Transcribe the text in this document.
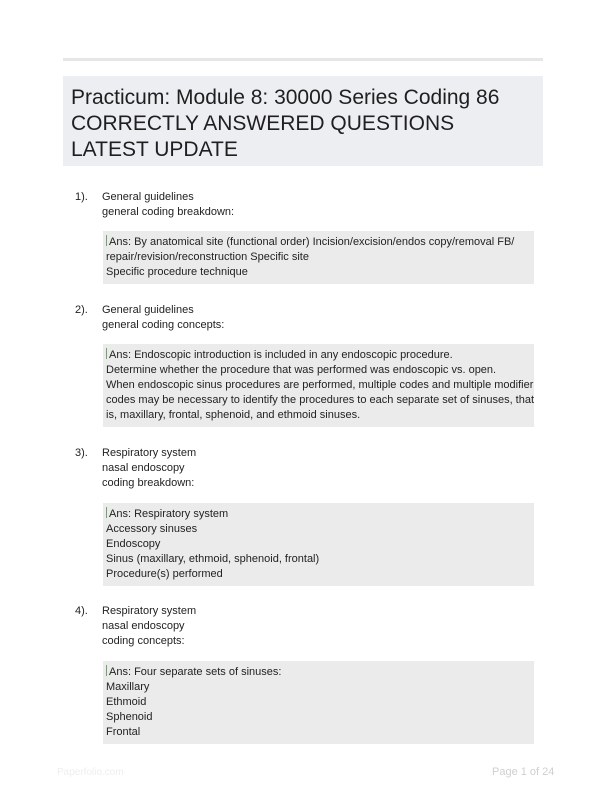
Practicum: Module 8: 30000 Series Coding 86 CORRECTLY ANSWERED QUESTIONS LATEST UPDATE
1). General guidelines
general coding breakdown:
Ans: By anatomical site (functional order) Incision/excision/endos copy/removal FB/
repair/revision/reconstruction Specific site
Specific procedure technique
2). General guidelines
general coding concepts:
Ans: Endoscopic introduction is included in any endoscopic procedure.
Determine whether the procedure that was performed was endoscopic vs. open.
When endoscopic sinus procedures are performed, multiple codes and multiple modifier
codes may be necessary to identify the procedures to each separate set of sinuses, that
is, maxillary, frontal, sphenoid, and ethmoid sinuses.
3). Respiratory system
nasal endoscopy
coding breakdown:
Ans: Respiratory system
Accessory sinuses
Endoscopy
Sinus (maxillary, ethmoid, sphenoid, frontal)
Procedure(s) performed
4). Respiratory system
nasal endoscopy
coding concepts:
Ans: Four separate sets of sinuses:
Maxillary
Ethmoid
Sphenoid
Frontal
Paperfolio.com	Page 1 of 24
